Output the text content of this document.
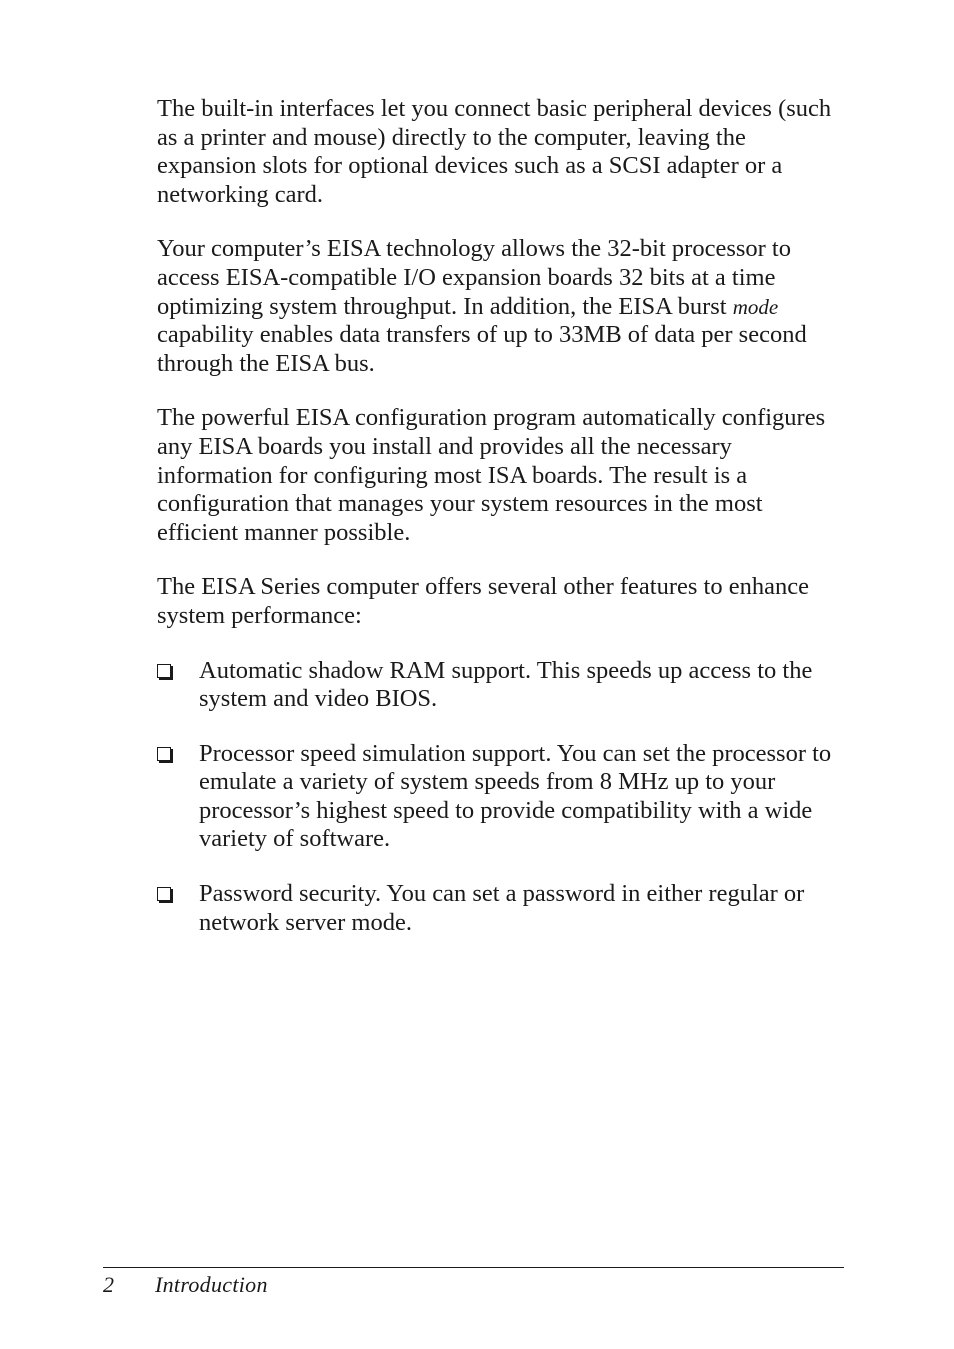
The built-in interfaces let you connect basic peripheral devices (such as a printer and mouse) directly to the computer, leaving the expansion slots for optional devices such as a SCSI adapter or a networking card.

Your computer’s EISA technology allows the 32-bit processor to access EISA-compatible I/O expansion boards 32 bits at a time optimizing system throughput. In addition, the EISA burst mode capability enables data transfers of up to 33MB of data per second through the EISA bus.

The powerful EISA configuration program automatically configures any EISA boards you install and provides all the necessary information for configuring most ISA boards. The result is a configuration that manages your system resources in the most efficient manner possible.

The EISA Series computer offers several other features to enhance system performance:

Automatic shadow RAM support. This speeds up access to the system and video BIOS.
Processor speed simulation support. You can set the processor to emulate a variety of system speeds from 8 MHz up to your processor’s highest speed to provide compatibility with a wide variety of software.
Password security. You can set a password in either regular or network server mode.
2 Introduction
